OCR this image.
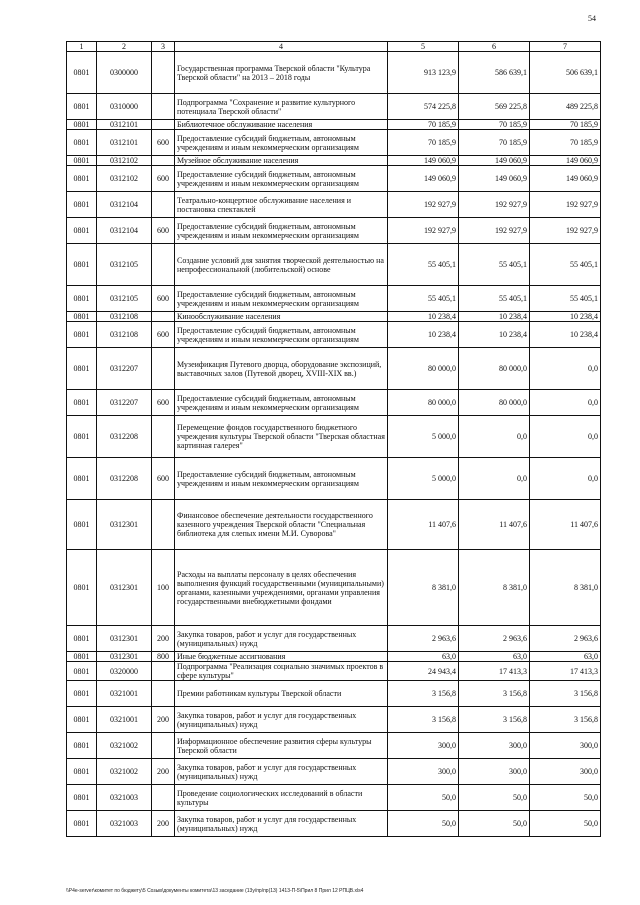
54
1	2	3	4	5	6	7
0801	0300000		Государственная программа Тверской области "Культура Тверской области" на 2013 – 2018 годы	913 123,9	586 639,1	506 639,1
0801	0310000		Подпрограмма "Сохранение и развитие культурного потенциала Тверской области"	574 225,8	569 225,8	489 225,8
0801	0312101		Библиотечное обслуживание населения	70 185,9	70 185,9	70 185,9
0801	0312101	600	Предоставление субсидий бюджетным, автономным учреждениям и иным некоммерческим организациям	70 185,9	70 185,9	70 185,9
0801	0312102		Музейное обслуживание населения	149 060,9	149 060,9	149 060,9
0801	0312102	600	Предоставление субсидий бюджетным, автономным учреждениям и иным некоммерческим организациям	149 060,9	149 060,9	149 060,9
0801	0312104		Театрально-концертное обслуживание населения и постановка спектаклей	192 927,9	192 927,9	192 927,9
0801	0312104	600	Предоставление субсидий бюджетным, автономным учреждениям и иным некоммерческим организациям	192 927,9	192 927,9	192 927,9
0801	0312105		Создание условий для занятия творческой деятельностью на непрофессиональной (любительской) основе	55 405,1	55 405,1	55 405,1
0801	0312105	600	Предоставление субсидий бюджетным, автономным учреждениям и иным некоммерческим организациям	55 405,1	55 405,1	55 405,1
0801	0312108		Кинообслуживание населения	10 238,4	10 238,4	10 238,4
0801	0312108	600	Предоставление субсидий бюджетным, автономным учреждениям и иным некоммерческим организациям	10 238,4	10 238,4	10 238,4
0801	0312207		Музеификация Путевого дворца, оборудование экспозиций, выставочных залов (Путевой дворец, XVIII-XIX вв.)	80 000,0	80 000,0	0,0
0801	0312207	600	Предоставление субсидий бюджетным, автономным учреждениям и иным некоммерческим организациям	80 000,0	80 000,0	0,0
0801	0312208		Перемещение фондов государственного бюджетного учреждения культуры Тверской области "Тверская областная картинная галерея"	5 000,0	0,0	0,0
0801	0312208	600	Предоставление субсидий бюджетным, автономным учреждениям и иным некоммерческим организациям	5 000,0	0,0	0,0
0801	0312301		Финансовое обеспечение деятельности государственного казенного учреждения Тверской области "Специальная библиотека для слепых имени М.И. Суворова"	11 407,6	11 407,6	11 407,6
0801	0312301	100	Расходы на выплаты персоналу в целях обеспечения выполнения функций государственными (муниципальными) органами, казенными учреждениями, органами управления государственными внебюджетными фондами	8 381,0	8 381,0	8 381,0
0801	0312301	200	Закупка товаров, работ и услуг для государственных (муниципальных) нужд	2 963,6	2 963,6	2 963,6
0801	0312301	800	Иные бюджетные ассигнования	63,0	63,0	63,0
0801	0320000		Подпрограмма "Реализация социально значимых проектов в сфере культуры"	24 943,4	17 413,3	17 413,3
0801	0321001		Премии работникам культуры Тверской области	3 156,8	3 156,8	3 156,8
0801	0321001	200	Закупка товаров, работ и услуг для государственных (муниципальных) нужд	3 156,8	3 156,8	3 156,8
0801	0321002		Информационное обеспечение развития сферы культуры Тверской области	300,0	300,0	300,0
0801	0321002	200	Закупка товаров, работ и услуг для государственных (муниципальных) нужд	300,0	300,0	300,0
0801	0321003		Проведение социологических исследований в области культуры	50,0	50,0	50,0
0801	0321003	200	Закупка товаров, работ и услуг для государственных (муниципальных) нужд	50,0	50,0	50,0
\\P4e-server\комитет по бюджету\5 Созыв\документы комитета\13 заседание (13у/пр/пр(13) 1413-П-5\Прил 8 Прил 12 РПЦВ.xls4
